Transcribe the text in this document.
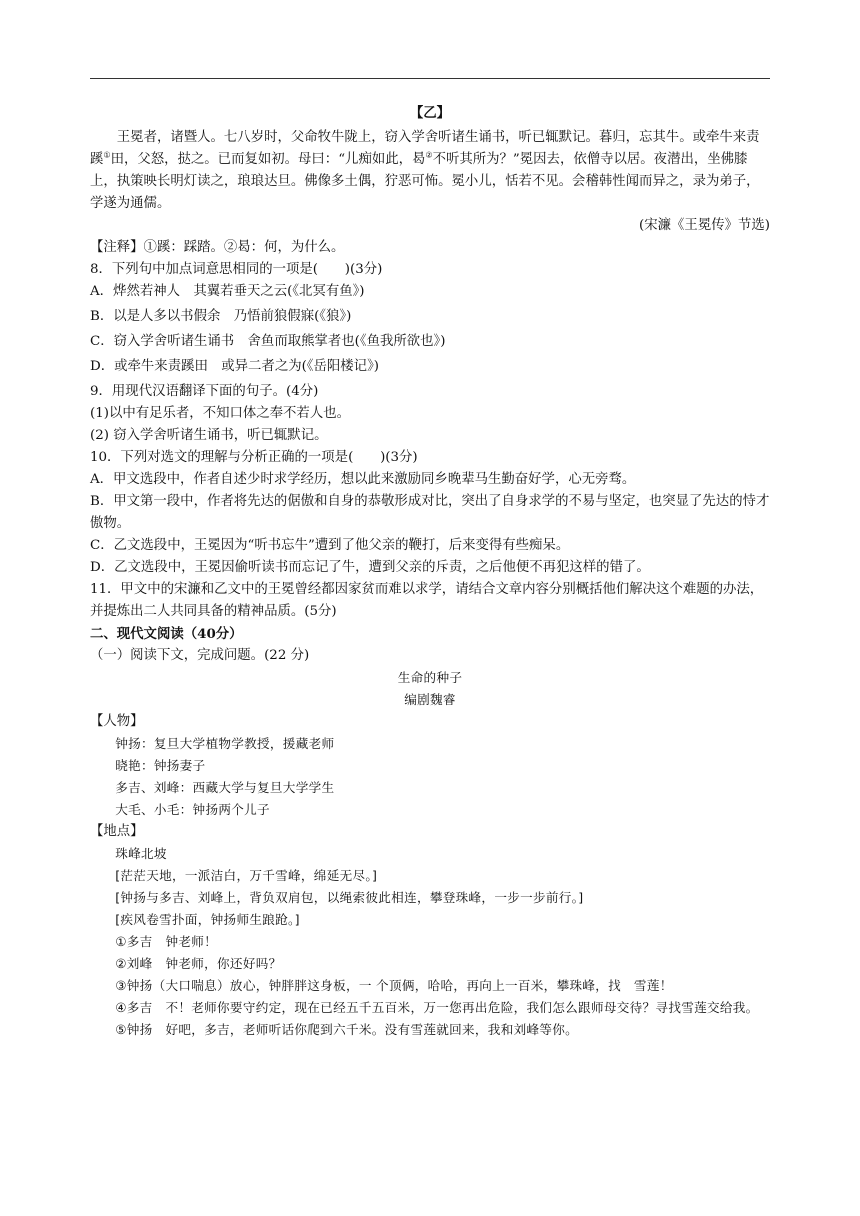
【乙】
王冕者，诸暨人。七八岁时，父命牧牛陇上，窃入学舍听诸生诵书，听已辄默记。暮归，忘其牛。或牵牛来责蹊①田，父怒，挞之。已而复如初。母曰：“儿痴如此，曷②不听其所为？”冕因去，依僧寺以居。夜潜出，坐佛膝上，执策映长明灯读之，琅琅达旦。佛像多土偶，狞恶可怖。冕小儿，恬若不见。会稽韩性闻而异之，录为弟子，学遂为通儒。
(宋濂《王冕传》节选)
【注释】①蹊：踩踏。②曷：何，为什么。
8．下列句中加点词意思相同的一项是(　　)(3分)
A．烨然若神人　其翼若垂天之云(《北冥有鱼》)
B．以是人多以书假余　乃悟前狼假寐(《狼》)
C．窃入学舍听诸生诵书　舍鱼而取熊掌者也(《鱼我所欲也》)
D．或牵牛来责蹊田　或异二者之为(《岳阳楼记》)
9．用现代汉语翻译下面的句子。(4分)
(1)以中有足乐者，不知口体之奉不若人也。
(2) 窃入学舍听诸生诵书，听已辄默记。
10．下列对选文的理解与分析正确的一项是(　　)(3分)
A．甲文选段中，作者自述少时求学经历，想以此来激励同乡晚辈马生勤奋好学，心无旁骛。
B．甲文第一段中，作者将先达的倨傲和自身的恭敬形成对比，突出了自身求学的不易与坚定，也突显了先达的恃才傲物。
C．乙文选段中，王冕因为“听书忘牛”遭到了他父亲的鞭打，后来变得有些痴呆。
D．乙文选段中，王冕因偷听读书而忘记了牛，遭到父亲的斥责，之后他便不再犯这样的错了。
11．甲文中的宋濂和乙文中的王冕曾经都因家贫而难以求学，请结合文章内容分别概括他们解决这个难题的办法，并提炼出二人共同具备的精神品质。(5分)
二、现代文阅读（40分）
（一）阅读下文，完成问题。(22 分)
生命的种子
编剧魏睿
【人物】
钟扬：复旦大学植物学教授，援藏老师
晓艳：钟扬妻子
多吉、刘峰：西藏大学与复旦大学学生
大毛、小毛：钟扬两个儿子
【地点】
珠峰北坡
[茫茫天地，一派洁白，万千雪峰，绵延无尽。]
[钟扬与多吉、刘峰上，背负双肩包，以绳索彼此相连，攀登珠峰，一步一步前行。]
[疾风卷雪扑面，钟扬师生踉跄。]
①多吉　钟老师！
②刘峰　钟老师，你还好吗？
③钟扬（大口喘息）放心，钟胖胖这身板，一 个顶俩，哈哈，再向上一百米，攀珠峰，找　雪莲！
④多吉　不！老师你要守约定，现在已经五千五百米，万一您再出危险，我们怎么跟师母交待？寻找雪莲交给我。
⑤钟扬　好吧，多吉，老师听话你爬到六千米。没有雪莲就回来，我和刘峰等你。
